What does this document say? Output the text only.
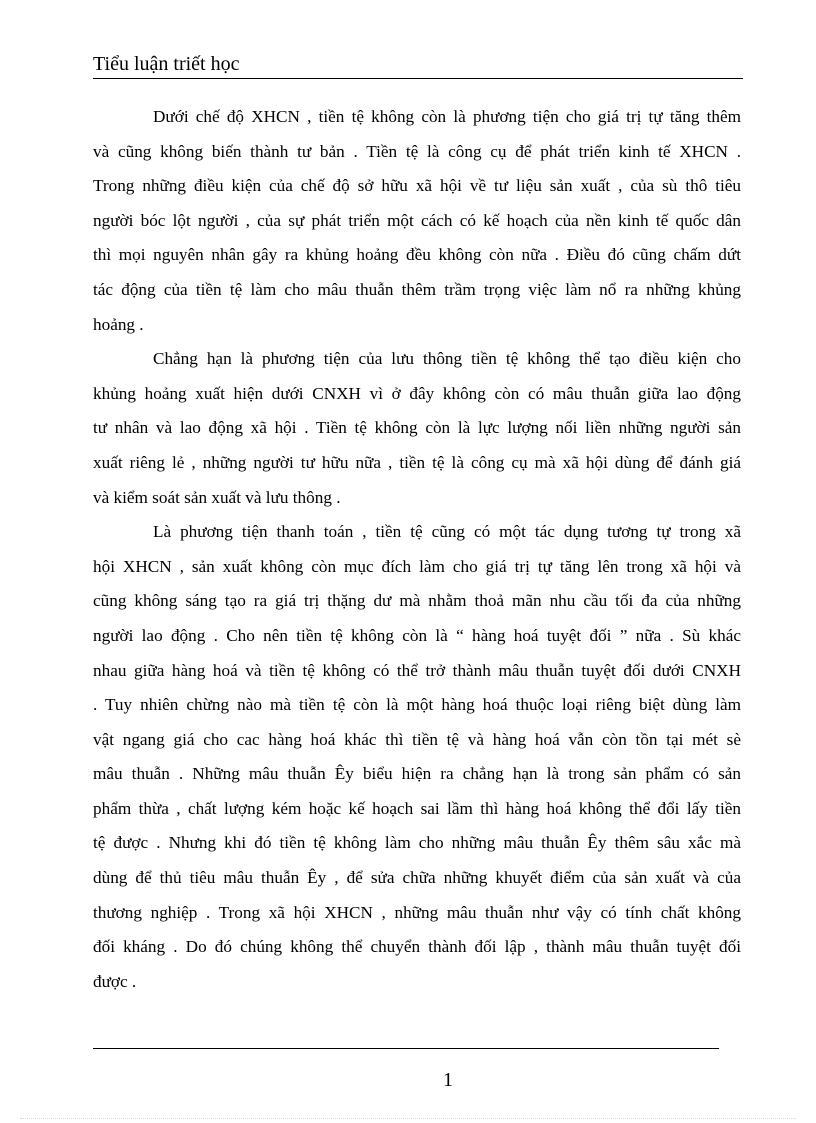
Tiểu luận triết học
Dưới chế độ XHCN , tiền tệ không còn là phương tiện cho giá trị tự tăng thêm
và cũng không biến thành tư bản . Tiền tệ là công cụ để phát triển kinh tế XHCN .
Trong những điều kiện của chế độ sở hữu xã hội về tư liệu sản xuất , của sù thô tiêu
người bóc lột người , của sự phát triển một cách có kế hoạch của nền kinh tế quốc dân
thì mọi nguyên nhân gây ra khủng hoảng đều không còn nữa . Điều đó cũng chấm dứt
tác động của tiền tệ làm cho mâu thuẫn thêm trầm trọng việc làm nổ ra những khủng
hoảng .
Chẳng hạn là phương tiện của lưu thông tiền tệ không thể tạo điều kiện cho
khủng hoảng xuất hiện dưới CNXH vì ở đây không còn có mâu thuẫn giữa lao động
tư nhân và lao động xã hội . Tiền tệ không còn là lực lượng nối liền những người sản
xuất riêng lẻ , những người tư hữu nữa , tiền tệ là công cụ mà xã hội dùng để đánh giá
và kiểm soát sản xuất và lưu thông .
Là phương tiện thanh toán , tiền tệ cũng có một tác dụng tương tự trong xã
hội XHCN , sản xuất không còn mục đích làm cho giá trị tự tăng lên trong xã hội và
cũng không sáng tạo ra giá trị thặng dư mà nhằm thoả mãn nhu cầu tối đa của những
người lao động . Cho nên tiền tệ không còn là “ hàng hoá tuyệt đối ” nữa . Sù khác
nhau giữa hàng hoá và tiền tệ không có thể trở thành mâu thuẫn tuyệt đối dưới CNXH
. Tuy nhiên chừng nào mà tiền tệ còn là một hàng hoá thuộc loại riêng biệt dùng làm
vật ngang giá cho cac hàng hoá khác thì tiền tệ và hàng hoá vẫn còn tồn tại mét sè
mâu thuẫn . Những mâu thuẫn Êy biểu hiện ra chẳng hạn là trong sản phẩm có sản
phẩm thừa , chất lượng kém hoặc kế hoạch sai lầm thì hàng hoá không thể đổi lấy tiền
tệ được . Nhưng khi đó tiền tệ không làm cho những mâu thuẫn Êy thêm sâu xắc mà
dùng để thủ tiêu mâu thuẫn Êy , để sửa chữa những khuyết điểm của sản xuất và của
thương nghiệp . Trong xã hội XHCN , những mâu thuẫn như vậy có tính chất không
đối kháng . Do đó chúng không thể chuyển thành đối lập , thành mâu thuẫn tuyệt đối
được .
1
